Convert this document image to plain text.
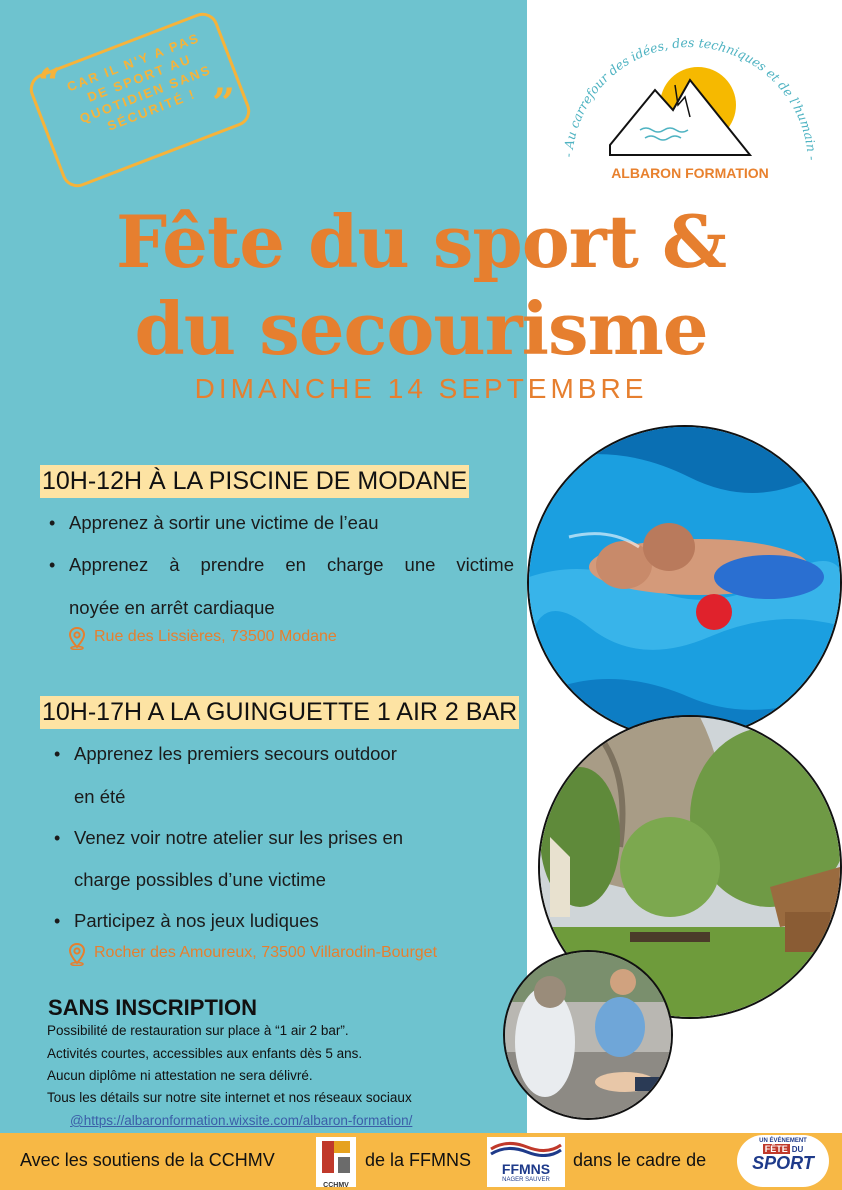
“	”
CAR IL N'Y A PAS
DE SPORT AU
QUOTIDIEN SANS
SÉCURITÉ !
- Au carrefour des idées, des techniques et de l'humain -
ALBARON FORMATION
Fête du sport &
du secourisme
DIMANCHE 14 SEPTEMBRE
10H-12H À LA PISCINE DE MODANE
• Apprenez à sortir une victime de l’eau
• Apprenez à prendre en charge une victime
noyée en arrêt cardiaque
Rue des Lissières, 73500 Modane
10H-17H A LA GUINGUETTE 1 AIR 2 BAR
• Apprenez les premiers secours outdoor
en été
• Venez voir notre atelier sur les prises en
charge possibles d’une victime
• Participez à nos jeux ludiques
Rocher des Amoureux, 73500 Villarodin-Bourget
SANS INSCRIPTION
Possibilité de restauration sur place à “1 air 2 bar”.
Activités courtes, accessibles aux enfants dès 5 ans.
Aucun diplôme ni attestation ne sera délivré.
Tous les détails sur notre site internet et nos réseaux sociaux
@https://albaronformation.wixsite.com/albaron-formation/
Avec les soutiens de la CCHMV
CCHMV
de la FFMNS	FFMNS
NAGER SAUVER
dans le cadre de
UN ÉVÉNEMENT
FÊTE DU
SPORT
